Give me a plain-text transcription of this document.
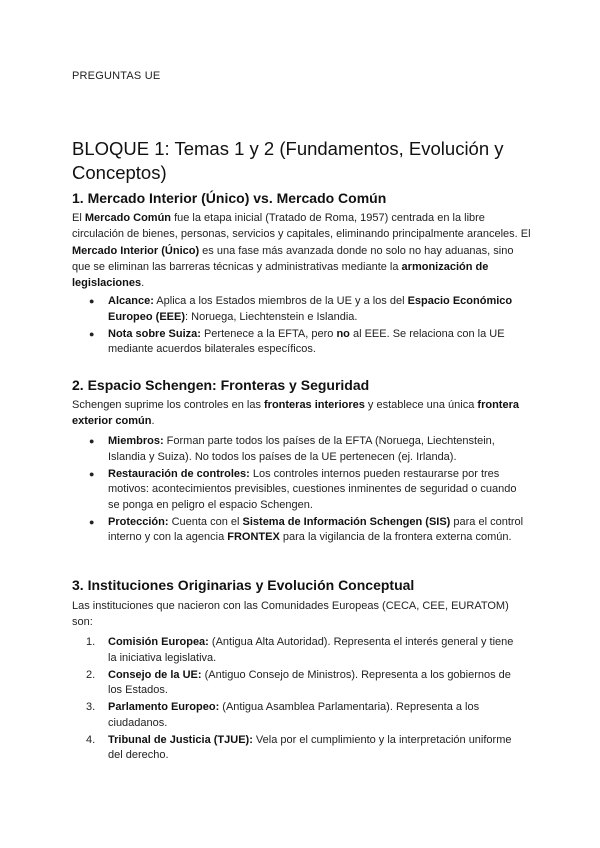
PREGUNTAS UE
BLOQUE 1: Temas 1 y 2 (Fundamentos, Evolución y Conceptos)
1. Mercado Interior (Único) vs. Mercado Común

El Mercado Común fue la etapa inicial (Tratado de Roma, 1957) centrada en la libre circulación de bienes, personas, servicios y capitales, eliminando principalmente aranceles. El Mercado Interior (Único) es una fase más avanzada donde no solo no hay aduanas, sino que se eliminan las barreras técnicas y administrativas mediante la armonización de legislaciones.

● Alcance: Aplica a los Estados miembros de la UE y a los del Espacio Económico Europeo (EEE): Noruega, Liechtenstein e Islandia.
● Nota sobre Suiza: Pertenece a la EFTA, pero no al EEE. Se relaciona con la UE mediante acuerdos bilaterales específicos.
2. Espacio Schengen: Fronteras y Seguridad

Schengen suprime los controles en las fronteras interiores y establece una única frontera exterior común.

● Miembros: Forman parte todos los países de la EFTA (Noruega, Liechtenstein, Islandia y Suiza). No todos los países de la UE pertenecen (ej. Irlanda).
● Restauración de controles: Los controles internos pueden restaurarse por tres motivos: acontecimientos previsibles, cuestiones inminentes de seguridad o cuando se ponga en peligro el espacio Schengen.
● Protección: Cuenta con el Sistema de Información Schengen (SIS) para el control interno y con la agencia FRONTEX para la vigilancia de la frontera externa común.
3. Instituciones Originarias y Evolución Conceptual

Las instituciones que nacieron con las Comunidades Europeas (CECA, CEE, EURATOM) son:

1. Comisión Europea: (Antigua Alta Autoridad). Representa el interés general y tiene la iniciativa legislativa.
2. Consejo de la UE: (Antiguo Consejo de Ministros). Representa a los gobiernos de los Estados.
3. Parlamento Europeo: (Antigua Asamblea Parlamentaria). Representa a los ciudadanos.
4. Tribunal de Justicia (TJUE): Vela por el cumplimiento y la interpretación uniforme del derecho.
